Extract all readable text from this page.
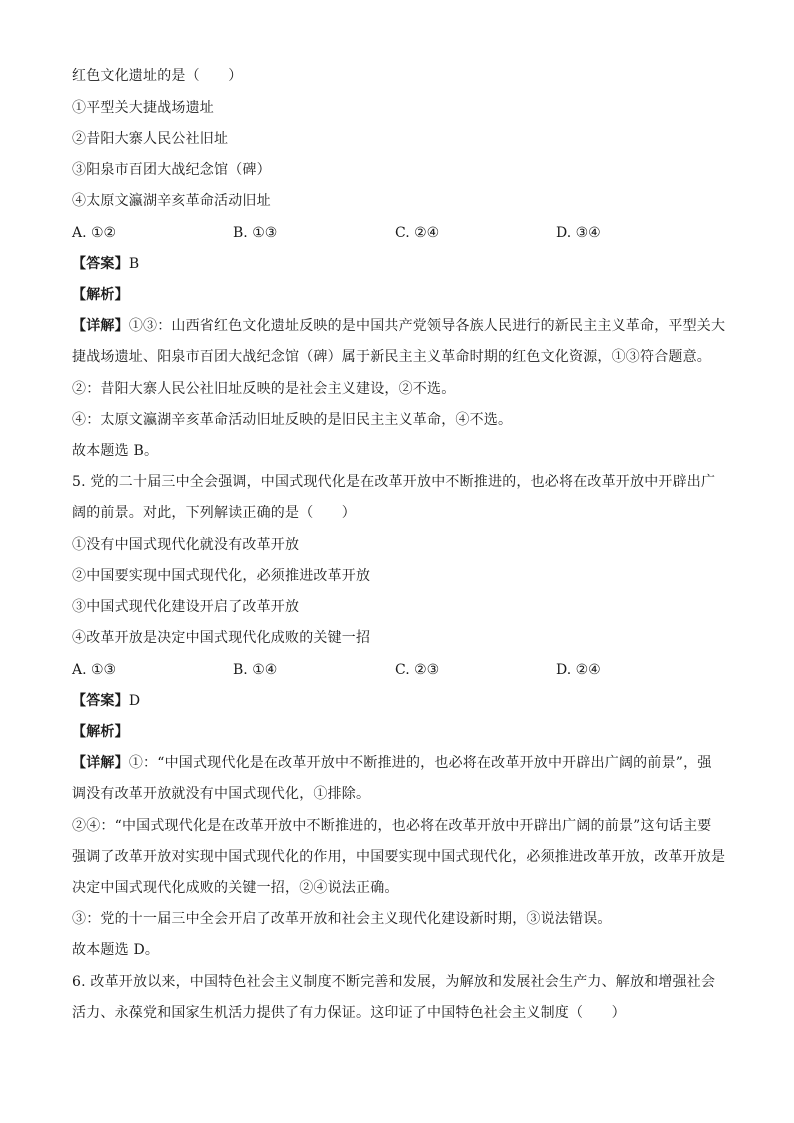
红色文化遗址的是（　　）
①平型关大捷战场遗址
②昔阳大寨人民公社旧址
③阳泉市百团大战纪念馆（碑）
④太原文瀛湖辛亥革命活动旧址
A. ①②	B. ①③	C. ②④	D. ③④
【答案】B
【解析】
【详解】①③：山西省红色文化遗址反映的是中国共产党领导各族人民进行的新民主主义革命，平型关大
捷战场遗址、阳泉市百团大战纪念馆（碑）属于新民主主义革命时期的红色文化资源，①③符合题意。
②：昔阳大寨人民公社旧址反映的是社会主义建设，②不选。
④：太原文瀛湖辛亥革命活动旧址反映的是旧民主主义革命，④不选。
故本题选 B。
5. 党的二十届三中全会强调，中国式现代化是在改革开放中不断推进的，也必将在改革开放中开辟出广
阔的前景。对此，下列解读正确的是（　　）
①没有中国式现代化就没有改革开放
②中国要实现中国式现代化，必须推进改革开放
③中国式现代化建设开启了改革开放
④改革开放是决定中国式现代化成败的关键一招
A. ①③	B. ①④	C. ②③	D. ②④
【答案】D
【解析】
【详解】①：“中国式现代化是在改革开放中不断推进的，也必将在改革开放中开辟出广阔的前景”，强
调没有改革开放就没有中国式现代化，①排除。
②④：“中国式现代化是在改革开放中不断推进的，也必将在改革开放中开辟出广阔的前景”这句话主要
强调了改革开放对实现中国式现代化的作用，中国要实现中国式现代化，必须推进改革开放，改革开放是
决定中国式现代化成败的关键一招，②④说法正确。
③：党的十一届三中全会开启了改革开放和社会主义现代化建设新时期，③说法错误。
故本题选 D。
6. 改革开放以来，中国特色社会主义制度不断完善和发展，为解放和发展社会生产力、解放和增强社会
活力、永葆党和国家生机活力提供了有力保证。这印证了中国特色社会主义制度（　　）
